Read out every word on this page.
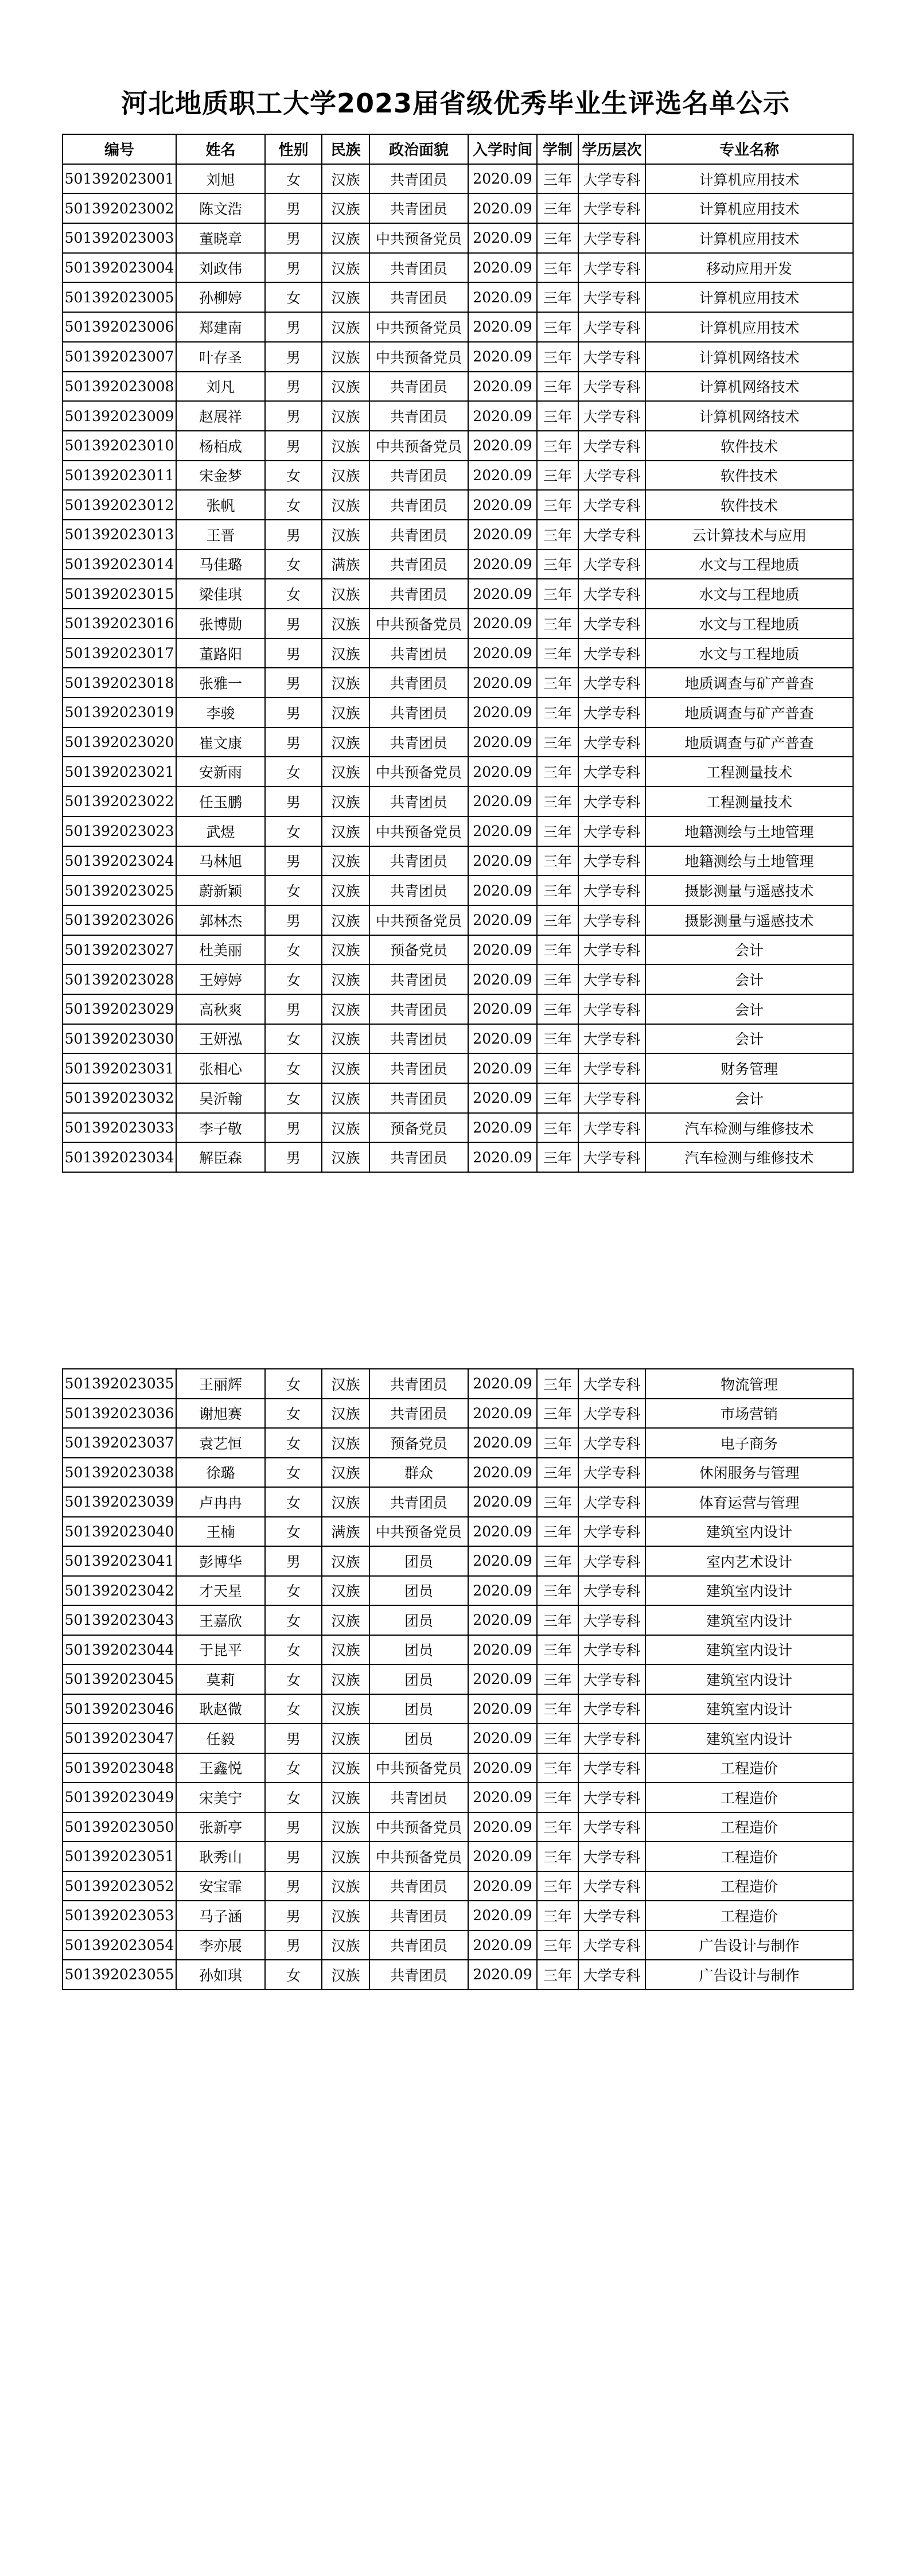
河北地质职工大学2023届省级优秀毕业生评选名单公示
编号	姓名	性别	民族	政治面貌	入学时间	学制	学历层次	专业名称
501392023001	刘旭	女	汉族	共青团员	2020.09	三年	大学专科	计算机应用技术
501392023002	陈文浩	男	汉族	共青团员	2020.09	三年	大学专科	计算机应用技术
501392023003	董晓章	男	汉族	中共预备党员	2020.09	三年	大学专科	计算机应用技术
501392023004	刘政伟	男	汉族	共青团员	2020.09	三年	大学专科	移动应用开发
501392023005	孙柳婷	女	汉族	共青团员	2020.09	三年	大学专科	计算机应用技术
501392023006	郑建南	男	汉族	中共预备党员	2020.09	三年	大学专科	计算机应用技术
501392023007	叶存圣	男	汉族	中共预备党员	2020.09	三年	大学专科	计算机网络技术
501392023008	刘凡	男	汉族	共青团员	2020.09	三年	大学专科	计算机网络技术
501392023009	赵展祥	男	汉族	共青团员	2020.09	三年	大学专科	计算机网络技术
501392023010	杨栢成	男	汉族	中共预备党员	2020.09	三年	大学专科	软件技术
501392023011	宋金梦	女	汉族	共青团员	2020.09	三年	大学专科	软件技术
501392023012	张帆	女	汉族	共青团员	2020.09	三年	大学专科	软件技术
501392023013	王晋	男	汉族	共青团员	2020.09	三年	大学专科	云计算技术与应用
501392023014	马佳璐	女	满族	共青团员	2020.09	三年	大学专科	水文与工程地质
501392023015	梁佳琪	女	汉族	共青团员	2020.09	三年	大学专科	水文与工程地质
501392023016	张博勋	男	汉族	中共预备党员	2020.09	三年	大学专科	水文与工程地质
501392023017	董路阳	男	汉族	共青团员	2020.09	三年	大学专科	水文与工程地质
501392023018	张雅一	男	汉族	共青团员	2020.09	三年	大学专科	地质调查与矿产普查
501392023019	李骏	男	汉族	共青团员	2020.09	三年	大学专科	地质调查与矿产普查
501392023020	崔文康	男	汉族	共青团员	2020.09	三年	大学专科	地质调查与矿产普查
501392023021	安新雨	女	汉族	中共预备党员	2020.09	三年	大学专科	工程测量技术
501392023022	任玉鹏	男	汉族	共青团员	2020.09	三年	大学专科	工程测量技术
501392023023	武煜	女	汉族	中共预备党员	2020.09	三年	大学专科	地籍测绘与土地管理
501392023024	马林旭	男	汉族	共青团员	2020.09	三年	大学专科	地籍测绘与土地管理
501392023025	蔚新颖	女	汉族	共青团员	2020.09	三年	大学专科	摄影测量与遥感技术
501392023026	郭林杰	男	汉族	中共预备党员	2020.09	三年	大学专科	摄影测量与遥感技术
501392023027	杜美丽	女	汉族	预备党员	2020.09	三年	大学专科	会计
501392023028	王婷婷	女	汉族	共青团员	2020.09	三年	大学专科	会计
501392023029	高秋爽	男	汉族	共青团员	2020.09	三年	大学专科	会计
501392023030	王妍泓	女	汉族	共青团员	2020.09	三年	大学专科	会计
501392023031	张相心	女	汉族	共青团员	2020.09	三年	大学专科	财务管理
501392023032	吴沂翰	女	汉族	共青团员	2020.09	三年	大学专科	会计
501392023033	李子敬	男	汉族	预备党员	2020.09	三年	大学专科	汽车检测与维修技术
501392023034	解臣森	男	汉族	共青团员	2020.09	三年	大学专科	汽车检测与维修技术
501392023035	王丽辉	女	汉族	共青团员	2020.09	三年	大学专科	物流管理
501392023036	谢旭赛	女	汉族	共青团员	2020.09	三年	大学专科	市场营销
501392023037	袁艺恒	女	汉族	预备党员	2020.09	三年	大学专科	电子商务
501392023038	徐璐	女	汉族	群众	2020.09	三年	大学专科	休闲服务与管理
501392023039	卢冉冉	女	汉族	共青团员	2020.09	三年	大学专科	体育运营与管理
501392023040	王楠	女	满族	中共预备党员	2020.09	三年	大学专科	建筑室内设计
501392023041	彭博华	男	汉族	团员	2020.09	三年	大学专科	室内艺术设计
501392023042	才天星	女	汉族	团员	2020.09	三年	大学专科	建筑室内设计
501392023043	王嘉欣	女	汉族	团员	2020.09	三年	大学专科	建筑室内设计
501392023044	于昆平	女	汉族	团员	2020.09	三年	大学专科	建筑室内设计
501392023045	莫莉	女	汉族	团员	2020.09	三年	大学专科	建筑室内设计
501392023046	耿赵微	女	汉族	团员	2020.09	三年	大学专科	建筑室内设计
501392023047	任毅	男	汉族	团员	2020.09	三年	大学专科	建筑室内设计
501392023048	王鑫悦	女	汉族	中共预备党员	2020.09	三年	大学专科	工程造价
501392023049	宋美宁	女	汉族	共青团员	2020.09	三年	大学专科	工程造价
501392023050	张新亭	男	汉族	中共预备党员	2020.09	三年	大学专科	工程造价
501392023051	耿秀山	男	汉族	中共预备党员	2020.09	三年	大学专科	工程造价
501392023052	安宝霏	男	汉族	共青团员	2020.09	三年	大学专科	工程造价
501392023053	马子涵	男	汉族	共青团员	2020.09	三年	大学专科	工程造价
501392023054	李亦展	男	汉族	共青团员	2020.09	三年	大学专科	广告设计与制作
501392023055	孙如琪	女	汉族	共青团员	2020.09	三年	大学专科	广告设计与制作
